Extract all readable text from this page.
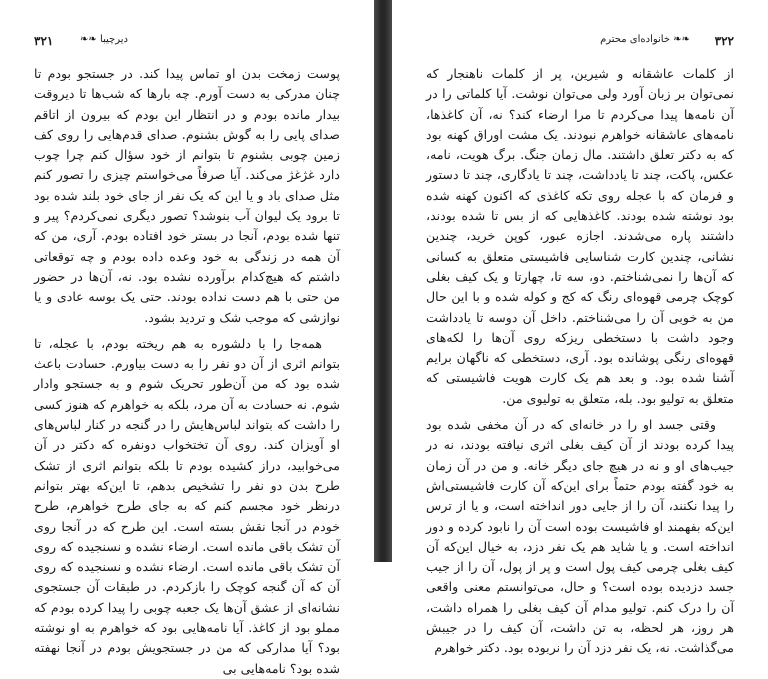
۳۲۱	دیرچیبا ❧❧

پوست زمخت بدن او تماس پیدا کند. در جستجو بودم تا چنان مدرکی به دست آورم. چه بارها که شب‌ها تا دیروقت بیدار مانده بودم و در انتظار این بودم که بیرون از اتاقم صدای پایی را به گوش بشنوم. صدای قدم‌هایی را روی کف زمین چوبی بشنوم تا بتوانم از خود سؤال کنم چرا چوب دارد غژغژ می‌کند. آیا صرفاً می‌خواستم چیزی را تصور کنم مثل صدای باد و یا این که یک نفر از جای خود بلند شده بود تا برود یک لیوان آب بنوشد؟ تصور دیگری نمی‌کردم؟ پیر و تنها شده بودم، آنجا در بستر خود افتاده بودم. آری، من که آن همه در زندگی به خود وعده داده بودم و چه توقعاتی داشتم که هیچ‌کدام برآورده نشده بود. نه، آن‌ها در حضور من حتی با هم دست نداده بودند. حتی یک بوسه عادی و یا نوازشی که موجب شک و تردید بشود.

همه‌جا را با دلشوره به هم ریخته بودم، با عجله، تا بتوانم اثری از آن دو نفر را به دست بیاورم. حسادت باعث شده بود که من آن‌طور تحریک شوم و به جستجو وادار شوم. نه حسادت به آن مرد، بلکه به خواهرم که هنوز کسی را داشت که بتواند لباس‌هایش را در گنجه در کنار لباس‌های او آویزان کند. روی آن تختخواب دونفره که دکتر در آن می‌خوابید، دراز کشیده بودم تا بلکه بتوانم اثری از تشک طرح بدن دو نفر را تشخیص بدهم، تا این‌که بهتر بتوانم درنظر خود مجسم کنم که به جای طرح خواهرم، طرح خودم در آنجا نقش بسته است. این طرح که در آنجا روی آن تشک باقی مانده است. ارضاء نشده و نسنجیده که روی آن تشک باقی مانده است. ارضاء نشده و نسنجیده که روی آن که آن گنجه کوچک را بازکردم. در طبقات آن جستجوی نشانه‌ای از عشق آن‌ها یک جعبه چوبی را پیدا کرده بودم که مملو بود از کاغذ. آیا نامه‌هایی بود که خواهرم به او نوشته بود؟ آیا مدارکی که من در جستجویش بودم در آنجا نهفته شده بود؟ نامه‌هایی بی

۳۲۲
❧❧ خانواده‌ای محترم

از کلمات عاشقانه و شیرین، پر از کلمات ناهنجار که نمی‌توان بر زبان آورد ولی می‌توان نوشت. آیا کلماتی را در آن نامه‌ها پیدا می‌کردم تا مرا ارضاء کند؟ نه، آن کاغذها، نامه‌های عاشقانه خواهرم نبودند. یک مشت اوراق کهنه بود که به دکتر تعلق داشتند. مال زمان جنگ. برگ هویت، نامه، عکس، پاکت، چند تا یادداشت، چند تا یادگاری، چند تا دستور و فرمان که با عجله روی تکه کاغذی که اکنون کهنه شده بود نوشته شده بودند. کاغذهایی که از بس تا شده بودند، داشتند پاره می‌شدند. اجازه عبور، کوپن خرید، چندین نشانی، چندین کارت شناسایی فاشیستی متعلق به کسانی که آن‌ها را نمی‌شناختم. دو، سه تا، چهارتا و یک کیف بغلی کوچک چرمی قهوه‌ای رنگ که کج و کوله شده و با این حال من به خوبی آن را می‌شناختم. داخل آن دوسه تا یادداشت وجود داشت با دستخطی ریزکه روی آن‌ها را لکه‌های قهوه‌ای رنگی پوشانده بود. آری، دستخطی که ناگهان برایم آشنا شده بود. و بعد هم یک کارت هویت فاشیستی که متعلق به تولیو بود. بله، متعلق به تولیوی من.

وقتی جسد او را در خانه‌ای که در آن مخفی شده بود پیدا کرده بودند از آن کیف بغلی اثری نیافته بودند، نه در جیب‌های او و نه در هیچ جای دیگر خانه. و من در آن زمان به خود گفته بودم حتماً برای این‌که آن کارت فاشیستی‌اش را پیدا نکنند، آن را از جایی دور انداخته است، و یا از ترس این‌که بفهمند او فاشیست بوده است آن را نابود کرده و دور انداخته است. و یا شاید هم یک نفر دزد، به خیال این‌که آن کیف بغلی چرمی کیف پول است و پر از پول، آن را از جیب جسد دزدیده بوده است؟ و حال، می‌توانستم معنی واقعی آن را درک کنم. تولیو مدام آن کیف بغلی را همراه داشت، هر روز، هر لحظه، به تن داشت، آن کیف را در جیبش می‌گذاشت. نه، یک نفر دزد آن را نربوده بود. دکتر خواهرم
